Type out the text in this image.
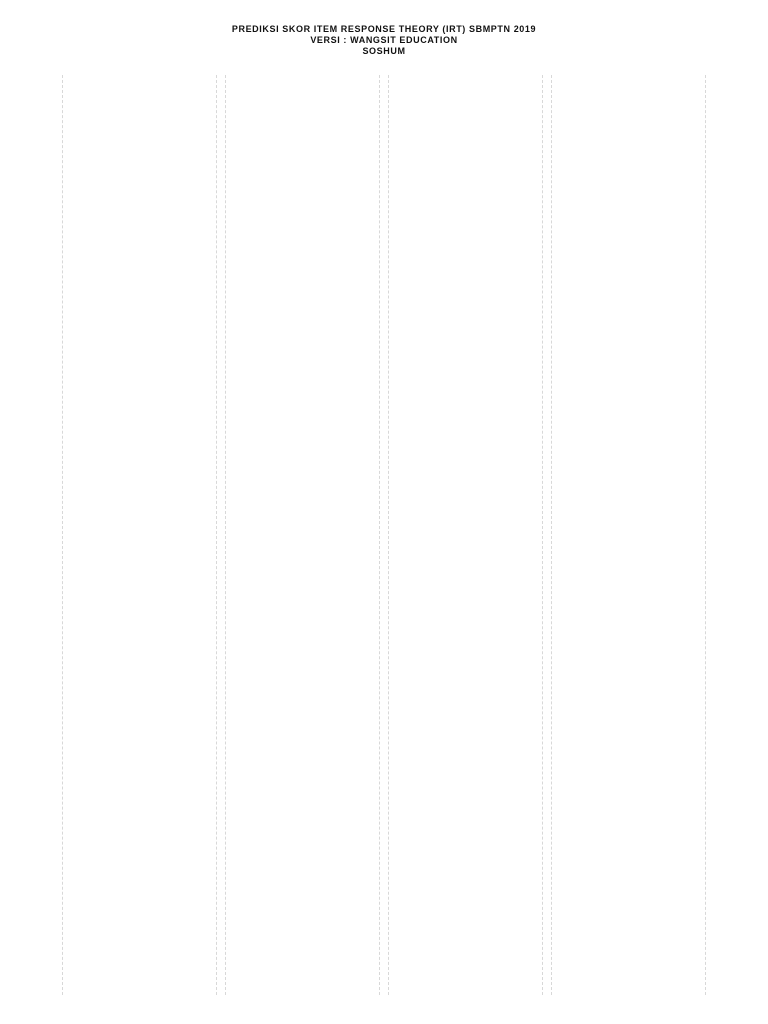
PREDIKSI SKOR ITEM RESPONSE THEORY (IRT) SBMPTN 2019
VERSI : WANGSIT EDUCATION
SOSHUM
